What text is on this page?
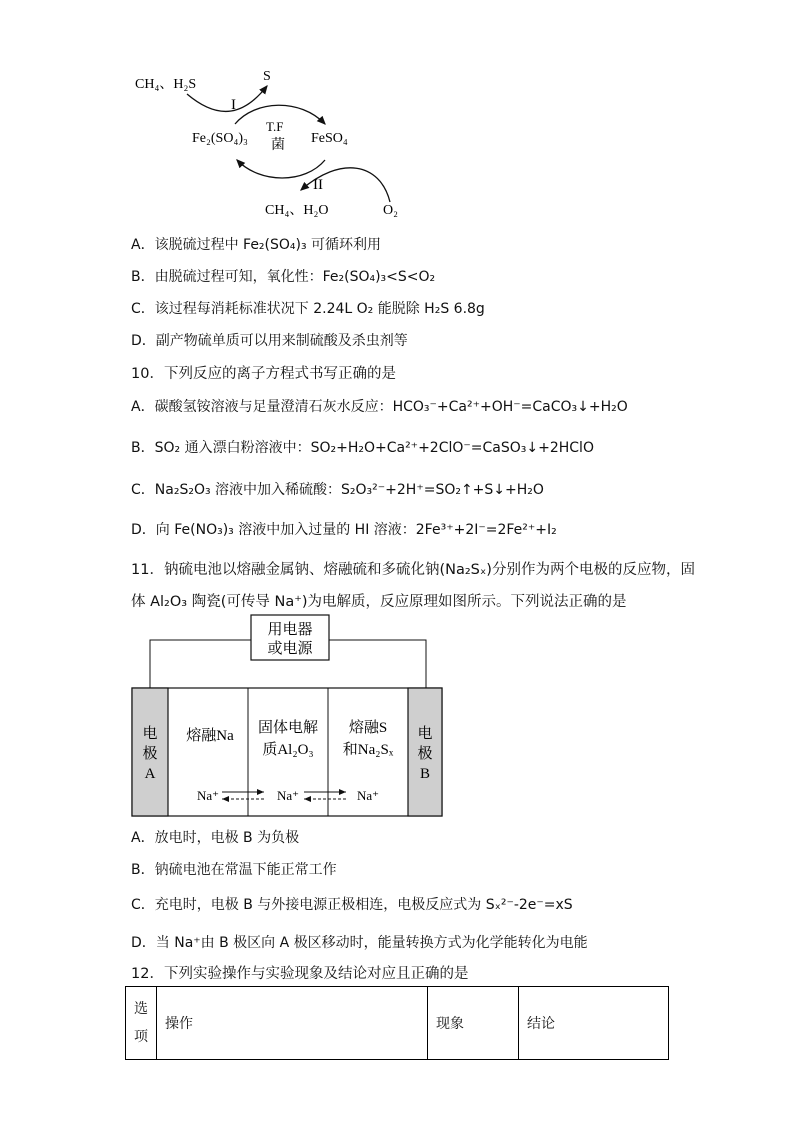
CH₄、H₂S
S
I
Fe₂(SO₄)₃	FeSO₄
T.F
菌
II
CH₄、H₂O	O₂
A．该脱硫过程中 Fe₂(SO₄)₃ 可循环利用
B．由脱硫过程可知，氧化性：Fe₂(SO₄)₃<S<O₂
C．该过程每消耗标准状况下 2.24L O₂ 能脱除 H₂S 6.8g
D．副产物硫单质可以用来制硫酸及杀虫剂等
10．下列反应的离子方程式书写正确的是
A．碳酸氢铵溶液与足量澄清石灰水反应：HCO₃⁻+Ca²⁺+OH⁻=CaCO₃↓+H₂O
B．SO₂ 通入漂白粉溶液中：SO₂+H₂O+Ca²⁺+2ClO⁻=CaSO₃↓+2HClO
C．Na₂S₂O₃ 溶液中加入稀硫酸：S₂O₃²⁻+2H⁺=SO₂↑+S↓+H₂O
D．向 Fe(NO₃)₃ 溶液中加入过量的 HI 溶液：2Fe³⁺+2I⁻=2Fe²⁺+I₂
11．钠硫电池以熔融金属钠、熔融硫和多硫化钠(Na₂Sₓ)分别作为两个电极的反应物，固
体 Al₂O₃ 陶瓷(可传导 Na⁺)为电解质，反应原理如图所示。下列说法正确的是
用电器
或电源
电
极
A
电
极
B
熔融Na 固体电解
质Al₂O₃
熔融S
和Na₂Sₓ
Na⁺	Na⁺	Na⁺
A．放电时，电极 B 为负极
B．钠硫电池在常温下能正常工作
C．充电时，电极 B 与外接电源正极相连，电极反应式为 Sₓ²⁻-2e⁻=xS
D．当 Na⁺由 B 极区向 A 极区移动时，能量转换方式为化学能转化为电能
12．下列实验操作与实验现象及结论对应且正确的是
选项	操作	现象	结论
